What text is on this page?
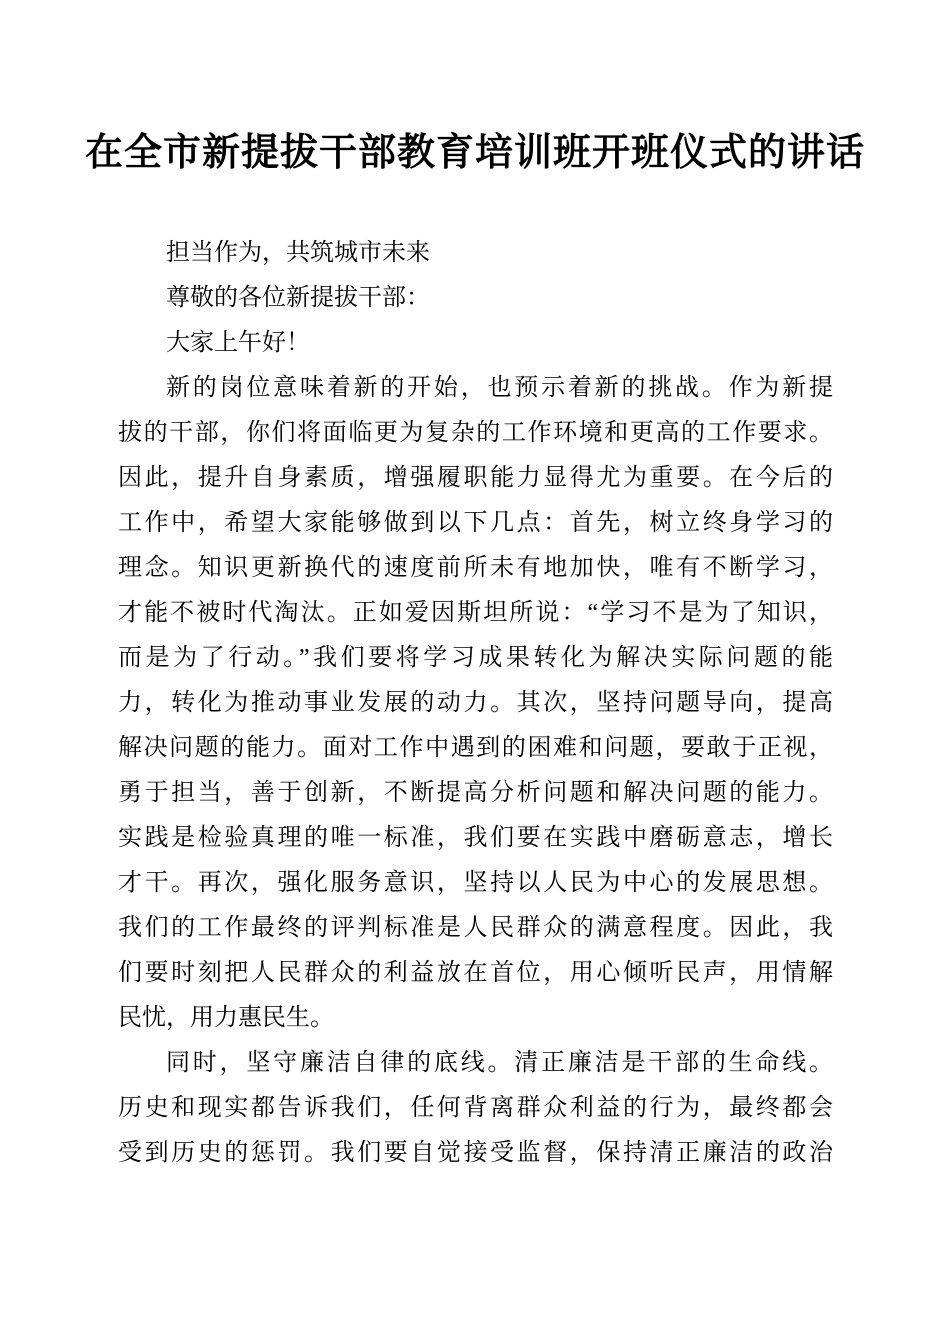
在全市新提拔干部教育培训班开班仪式的讲话
担当作为，共筑城市未来
尊敬的各位新提拔干部：
大家上午好！
新的岗位意味着新的开始，也预示着新的挑战。作为新提
拔的干部，你们将面临更为复杂的工作环境和更高的工作要求。
因此，提升自身素质，增强履职能力显得尤为重要。在今后的
工作中，希望大家能够做到以下几点：首先，树立终身学习的
理念。知识更新换代的速度前所未有地加快，唯有不断学习，
才能不被时代淘汰。正如爱因斯坦所说：“学习不是为了知识，
而是为了行动。”我们要将学习成果转化为解决实际问题的能
力，转化为推动事业发展的动力。其次，坚持问题导向，提高
解决问题的能力。面对工作中遇到的困难和问题，要敢于正视，
勇于担当，善于创新，不断提高分析问题和解决问题的能力。
实践是检验真理的唯一标准，我们要在实践中磨砺意志，增长
才干。再次，强化服务意识，坚持以人民为中心的发展思想。
我们的工作最终的评判标准是人民群众的满意程度。因此，我
们要时刻把人民群众的利益放在首位，用心倾听民声，用情解
民忧，用力惠民生。
同时，坚守廉洁自律的底线。清正廉洁是干部的生命线。
历史和现实都告诉我们，任何背离群众利益的行为，最终都会
受到历史的惩罚。我们要自觉接受监督，保持清正廉洁的政治
